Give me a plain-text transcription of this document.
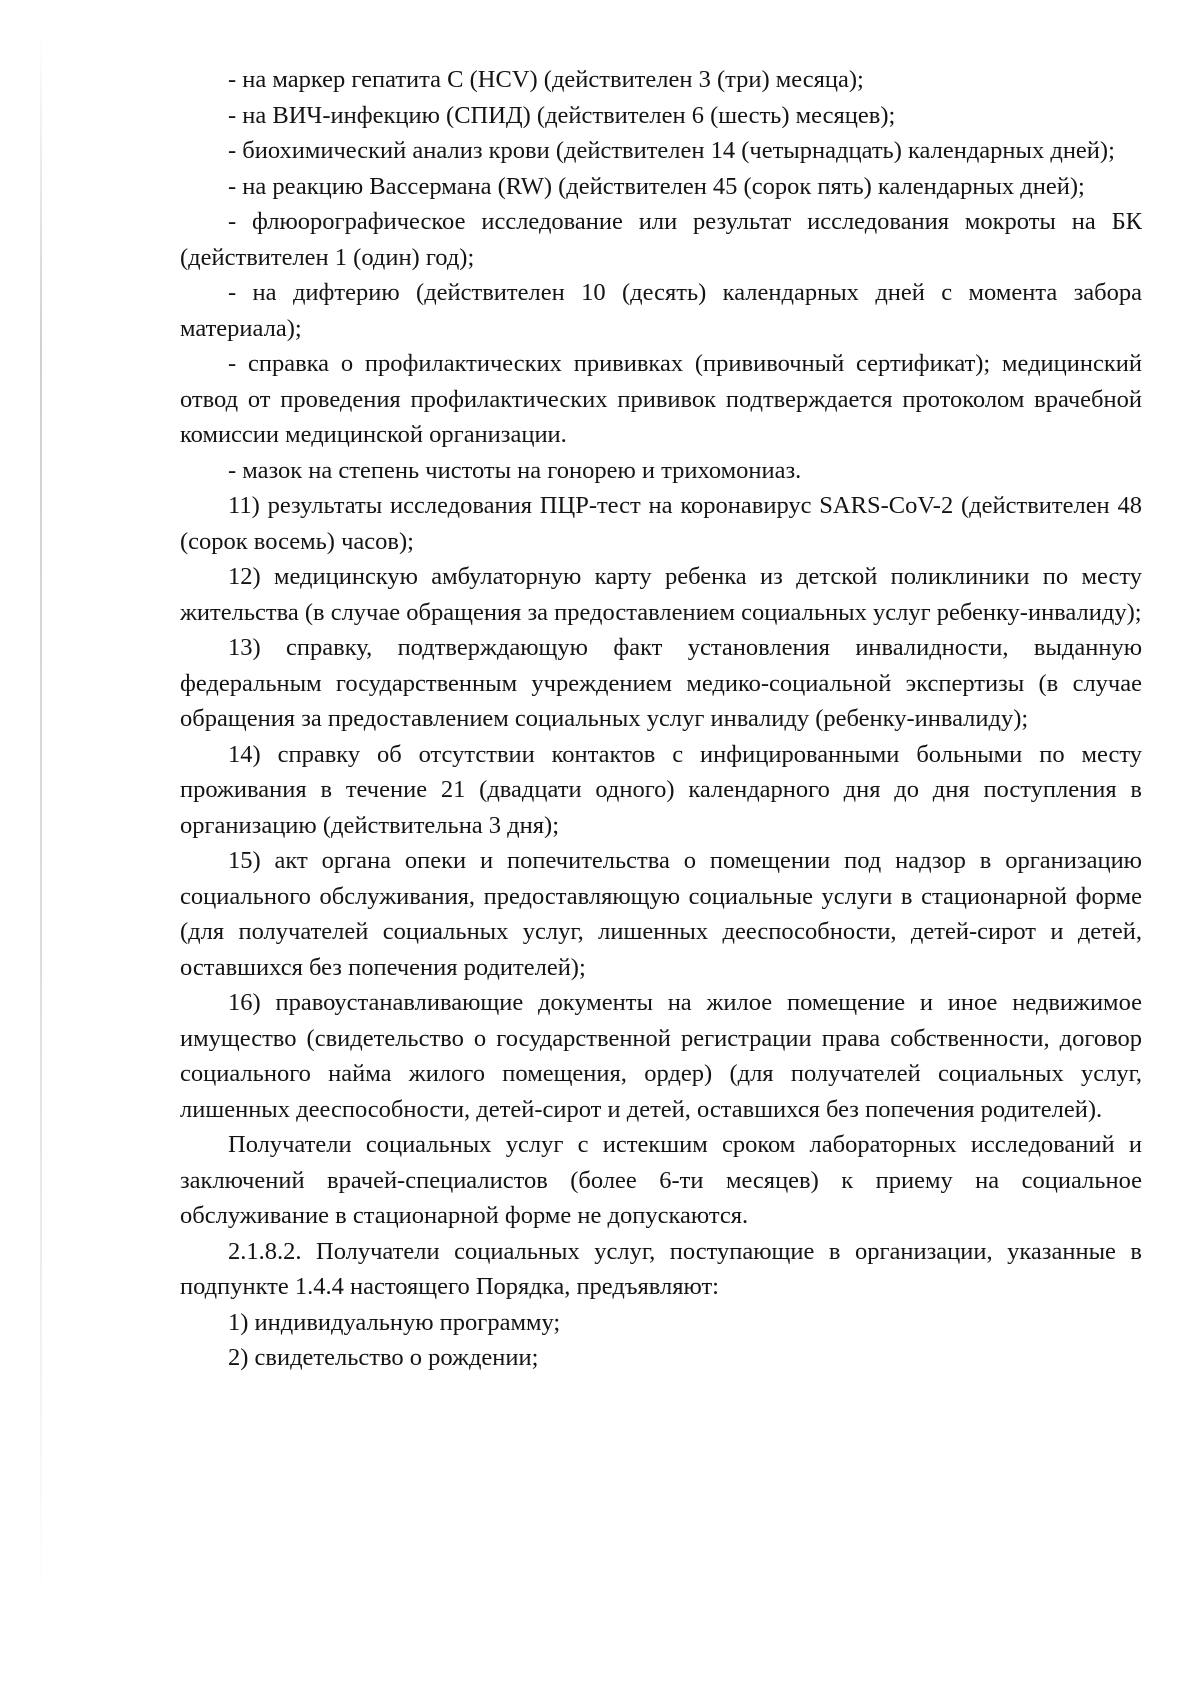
- на маркер гепатита С (HCV) (действителен 3 (три) месяца);

- на ВИЧ-инфекцию (СПИД) (действителен 6 (шесть) месяцев);

- биохимический анализ крови (действителен 14 (четырнадцать) календарных дней);

- на реакцию Вассермана (RW) (действителен 45 (сорок пять) календарных дней);

- флюорографическое исследование или результат исследования мокроты на БК (действителен 1 (один) год);

- на дифтерию (действителен 10 (десять) календарных дней с момента забора материала);

- справка о профилактических прививках (прививочный сертификат); медицинский отвод от проведения профилактических прививок подтверждается протоколом врачебной комиссии медицинской организации.

- мазок на степень чистоты на гонорею и трихомониаз.

11) результаты исследования ПЦР-тест на коронавирус SARS-CoV-2 (действителен 48 (сорок восемь) часов);

12) медицинскую амбулаторную карту ребенка из детской поликлиники по месту жительства (в случае обращения за предоставлением социальных услуг ребенку-инвалиду);

13) справку, подтверждающую факт установления инвалидности, выданную федеральным государственным учреждением медико-социальной экспертизы (в случае обращения за предоставлением социальных услуг инвалиду (ребенку-инвалиду);

14) справку об отсутствии контактов с инфицированными больными по месту проживания в течение 21 (двадцати одного) календарного дня до дня поступления в организацию (действительна 3 дня);

15) акт органа опеки и попечительства о помещении под надзор в организацию социального обслуживания, предоставляющую социальные услуги в стационарной форме (для получателей социальных услуг, лишенных дееспособности, детей-сирот и детей, оставшихся без попечения родителей);

16) правоустанавливающие документы на жилое помещение и иное недвижимое имущество (свидетельство о государственной регистрации права собственности, договор социального найма жилого помещения, ордер) (для получателей социальных услуг, лишенных дееспособности, детей-сирот и детей, оставшихся без попечения родителей).

Получатели социальных услуг с истекшим сроком лабораторных исследований и заключений врачей-специалистов (более 6-ти месяцев) к приему на социальное обслуживание в стационарной форме не допускаются.

2.1.8.2. Получатели социальных услуг, поступающие в организации, указанные в подпункте 1.4.4 настоящего Порядка, предъявляют:

1) индивидуальную программу;

2) свидетельство о рождении;
